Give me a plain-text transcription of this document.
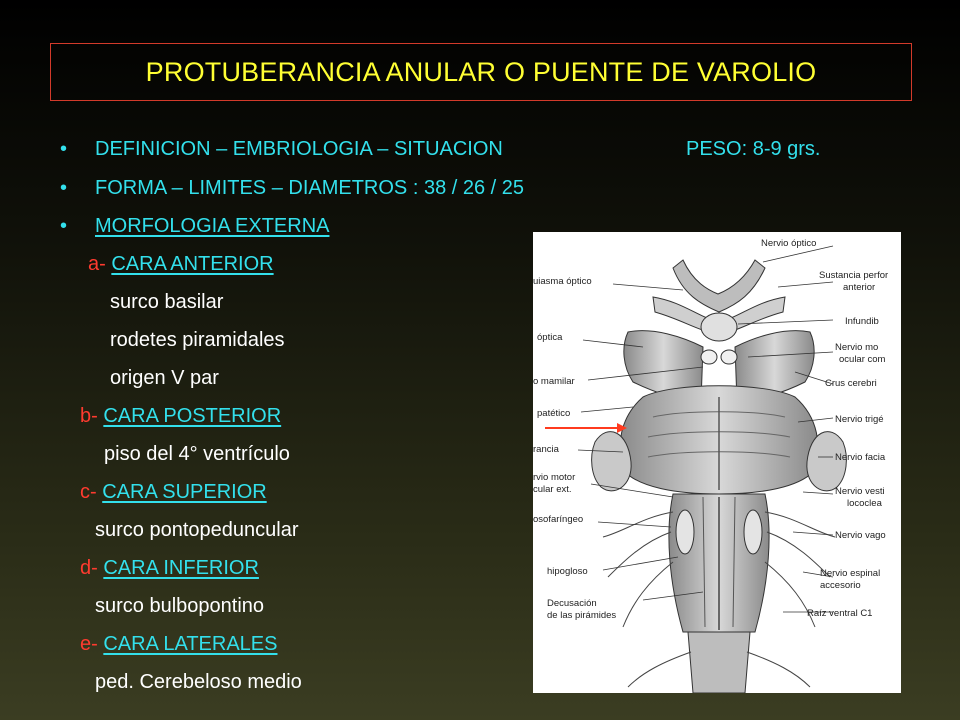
PROTUBERANCIA ANULAR O PUENTE DE VAROLIO
• DEFINICION – EMBRIOLOGIA – SITUACION	PESO: 8-9 grs.
• FORMA – LIMITES – DIAMETROS : 38 / 26 / 25
• MORFOLOGIA EXTERNA
a- CARA ANTERIOR
surco basilar
rodetes piramidales
origen V par
b- CARA POSTERIOR
piso del 4° ventrículo
c- CARA SUPERIOR
surco pontopeduncular
d- CARA INFERIOR
surco bulbopontino
e- CARA LATERALES
ped. Cerebeloso medio
Nervio óptico
Sustancia perfor
anterior
Infundib
Nervio mo
ocular com
Crus cerebri
Nervio trigé
Nervio facia
Nervio vesti
lococlea
Nervio vago
Nervio espinal
accesorio
Raíz ventral C1
uiasma óptico
óptica
o mamilar
patético
rancia
rvio motor
cular ext.
osofaríngeo
hipogloso
Decusación
de las pirámides
